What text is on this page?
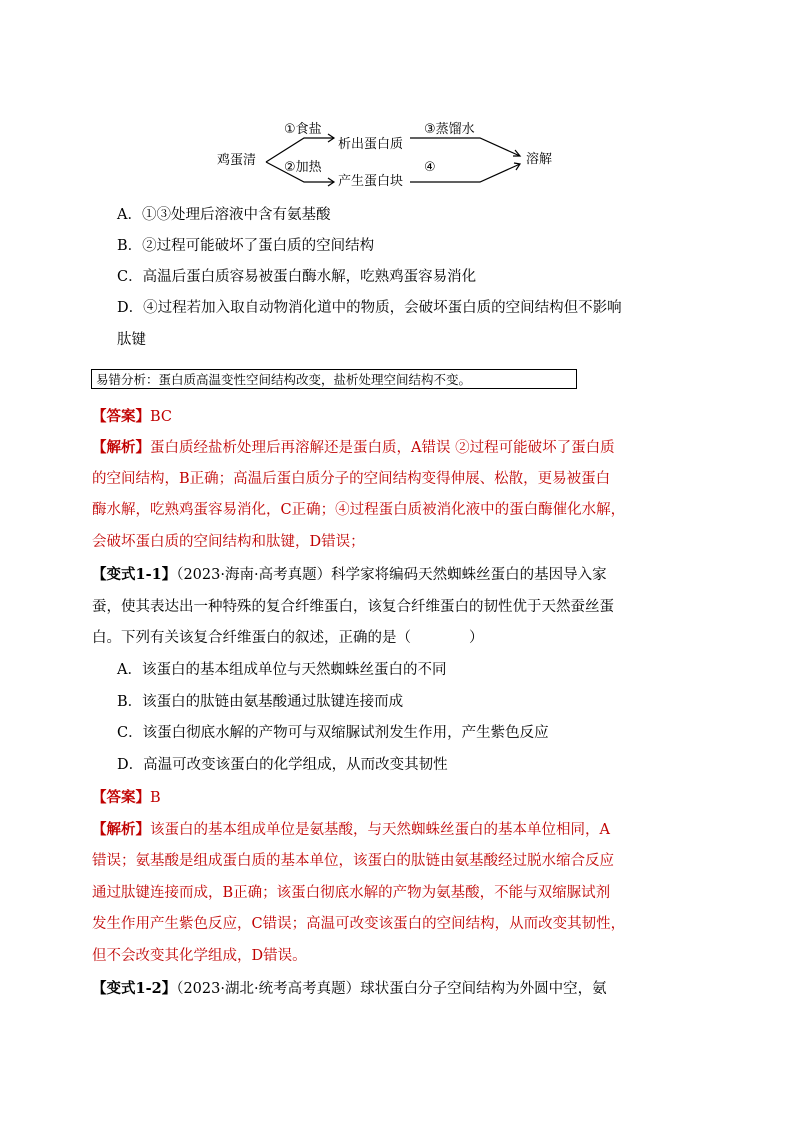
鸡蛋清
①食盐
②加热
析出蛋白质
产生蛋白块
③蒸馏水
④
溶解
A．①③处理后溶液中含有氨基酸
B．②过程可能破坏了蛋白质的空间结构
C．高温后蛋白质容易被蛋白酶水解，吃熟鸡蛋容易消化
D．④过程若加入取自动物消化道中的物质，会破坏蛋白质的空间结构但不影响
肽键
易错分析：蛋白质高温变性空间结构改变，盐析处理空间结构不变。
【答案】BC
【解析】蛋白质经盐析处理后再溶解还是蛋白质，A错误 ②过程可能破坏了蛋白质
的空间结构，B正确；高温后蛋白质分子的空间结构变得伸展、松散，更易被蛋白
酶水解，吃熟鸡蛋容易消化，C正确；④过程蛋白质被消化液中的蛋白酶催化水解，
会破坏蛋白质的空间结构和肽键，D错误；
【变式1-1】（2023·海南·高考真题）科学家将编码天然蜘蛛丝蛋白的基因导入家
蚕，使其表达出一种特殊的复合纤维蛋白，该复合纤维蛋白的韧性优于天然蚕丝蛋
白。下列有关该复合纤维蛋白的叙述，正确的是（　　　　）
A．该蛋白的基本组成单位与天然蜘蛛丝蛋白的不同
B．该蛋白的肽链由氨基酸通过肽键连接而成
C．该蛋白彻底水解的产物可与双缩脲试剂发生作用，产生紫色反应
D．高温可改变该蛋白的化学组成，从而改变其韧性
【答案】B
【解析】该蛋白的基本组成单位是氨基酸，与天然蜘蛛丝蛋白的基本单位相同，A
错误；氨基酸是组成蛋白质的基本单位，该蛋白的肽链由氨基酸经过脱水缩合反应
通过肽键连接而成，B正确；该蛋白彻底水解的产物为氨基酸，不能与双缩脲试剂
发生作用产生紫色反应，C错误；高温可改变该蛋白的空间结构，从而改变其韧性，
但不会改变其化学组成，D错误。
【变式1-2】（2023·湖北·统考高考真题）球状蛋白分子空间结构为外圆中空，氨
